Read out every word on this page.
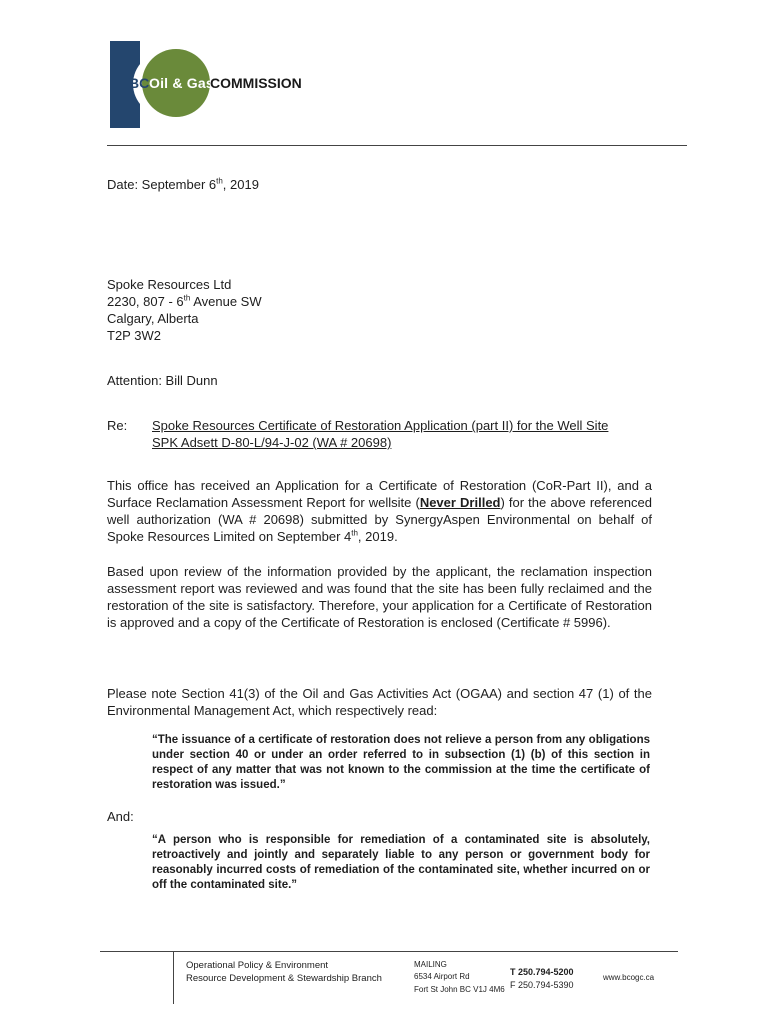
BC Oil & Gas
COMMISSION
Date: September 6th, 2019
Spoke Resources Ltd
2230, 807 - 6th Avenue SW
Calgary, Alberta
T2P 3W2
Attention: Bill Dunn
Re: Spoke Resources Certificate of Restoration Application (part II) for the Well Site
SPK Adsett D-80-L/94-J-02 (WA # 20698)
This office has received an Application for a Certificate of Restoration (CoR-Part II), and a Surface Reclamation Assessment Report for wellsite (Never Drilled) for the above referenced well authorization (WA # 20698) submitted by SynergyAspen Environmental on behalf of Spoke Resources Limited on September 4th, 2019.
Based upon review of the information provided by the applicant, the reclamation inspection assessment report was reviewed and was found that the site has been fully reclaimed and the restoration of the site is satisfactory. Therefore, your application for a Certificate of Restoration is approved and a copy of the Certificate of Restoration is enclosed (Certificate # 5996).
Please note Section 41(3) of the Oil and Gas Activities Act (OGAA) and section 47 (1) of the Environmental Management Act, which respectively read:
“The issuance of a certificate of restoration does not relieve a person from any obligations under section 40 or under an order referred to in subsection (1) (b) of this section in respect of any matter that was not known to the commission at the time the certificate of restoration was issued.”
And:
“A person who is responsible for remediation of a contaminated site is absolutely, retroactively and jointly and separately liable to any person or government body for reasonably incurred costs of remediation of the contaminated site, whether incurred on or off the contaminated site.”
Operational Policy & Environment
Resource Development & Stewardship Branch
MAILING
6534 Airport Rd
Fort St John BC V1J 4M6
T 250.794-5200
F 250.794-5390
www.bcogc.ca
